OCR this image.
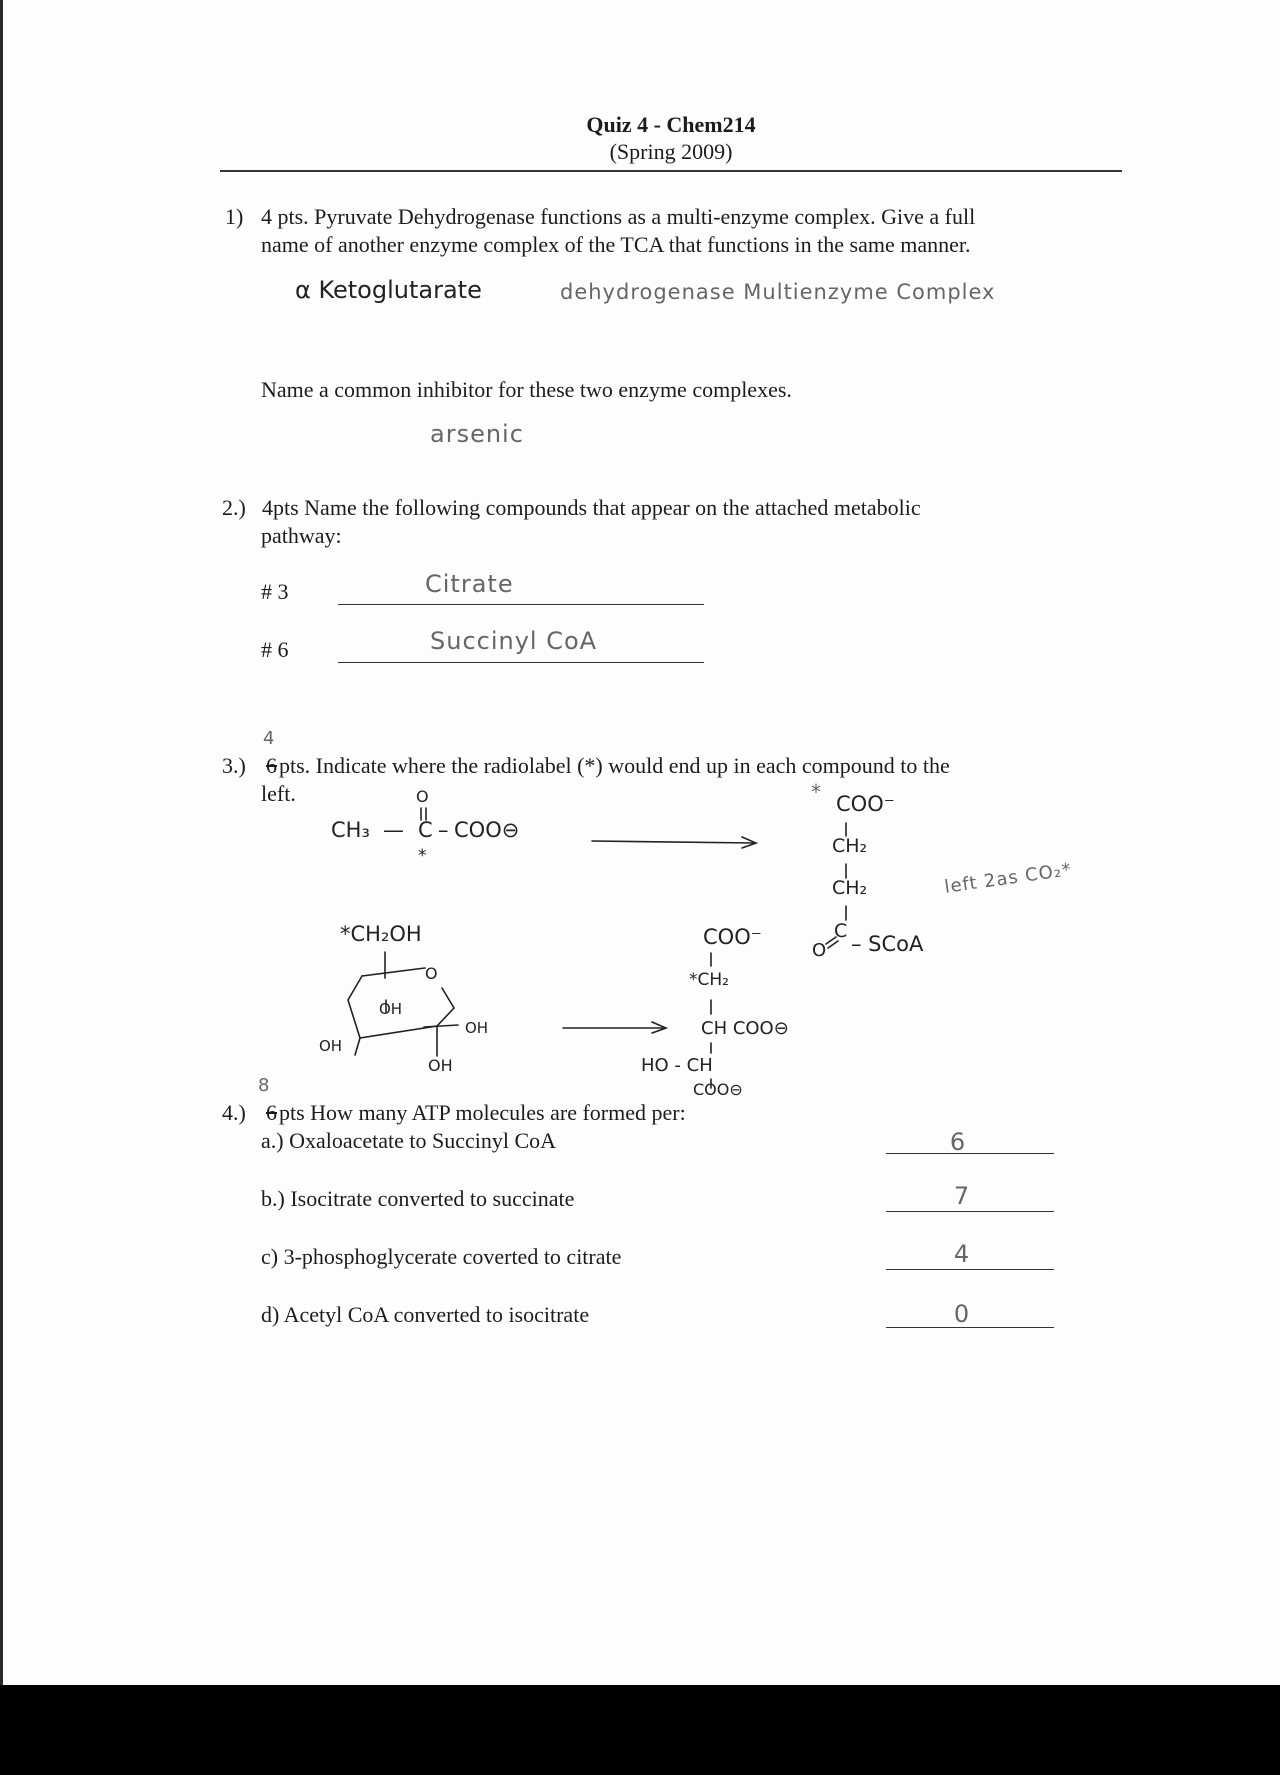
Quiz 4 - Chem214
(Spring 2009)
1) 4 pts. Pyruvate Dehydrogenase functions as a multi-enzyme complex. Give a full
name of another enzyme complex of the TCA that functions in the same manner.
α Ketoglutarate	dehydrogenase Multienzyme Complex
Name a common inhibitor for these two enzyme complexes.
arsenic
2.) 4pts Name the following compounds that appear on the attached metabolic
pathway:
# 3	Citrate
# 6	Succinyl CoA
4
3.) 6 pts. Indicate where the radiolabel (*) would end up in each compound to the
left.
CH₃ — C – COO⊖
O
*
* COO⁻
CH₂
CH₂
O
C
– SCoA
left 2as CO₂*
*CH₂OH
O
OH
OH
OH
OH
COO⁻
*CH₂
CH COO⊖
HO - CH
COO⊖
8
4.) 6 pts How many ATP molecules are formed per:
a.) Oxaloacetate to Succinyl CoA	6
b.) Isocitrate converted to succinate	7
c) 3-phosphoglycerate coverted to citrate	4
d) Acetyl CoA converted to isocitrate	0
